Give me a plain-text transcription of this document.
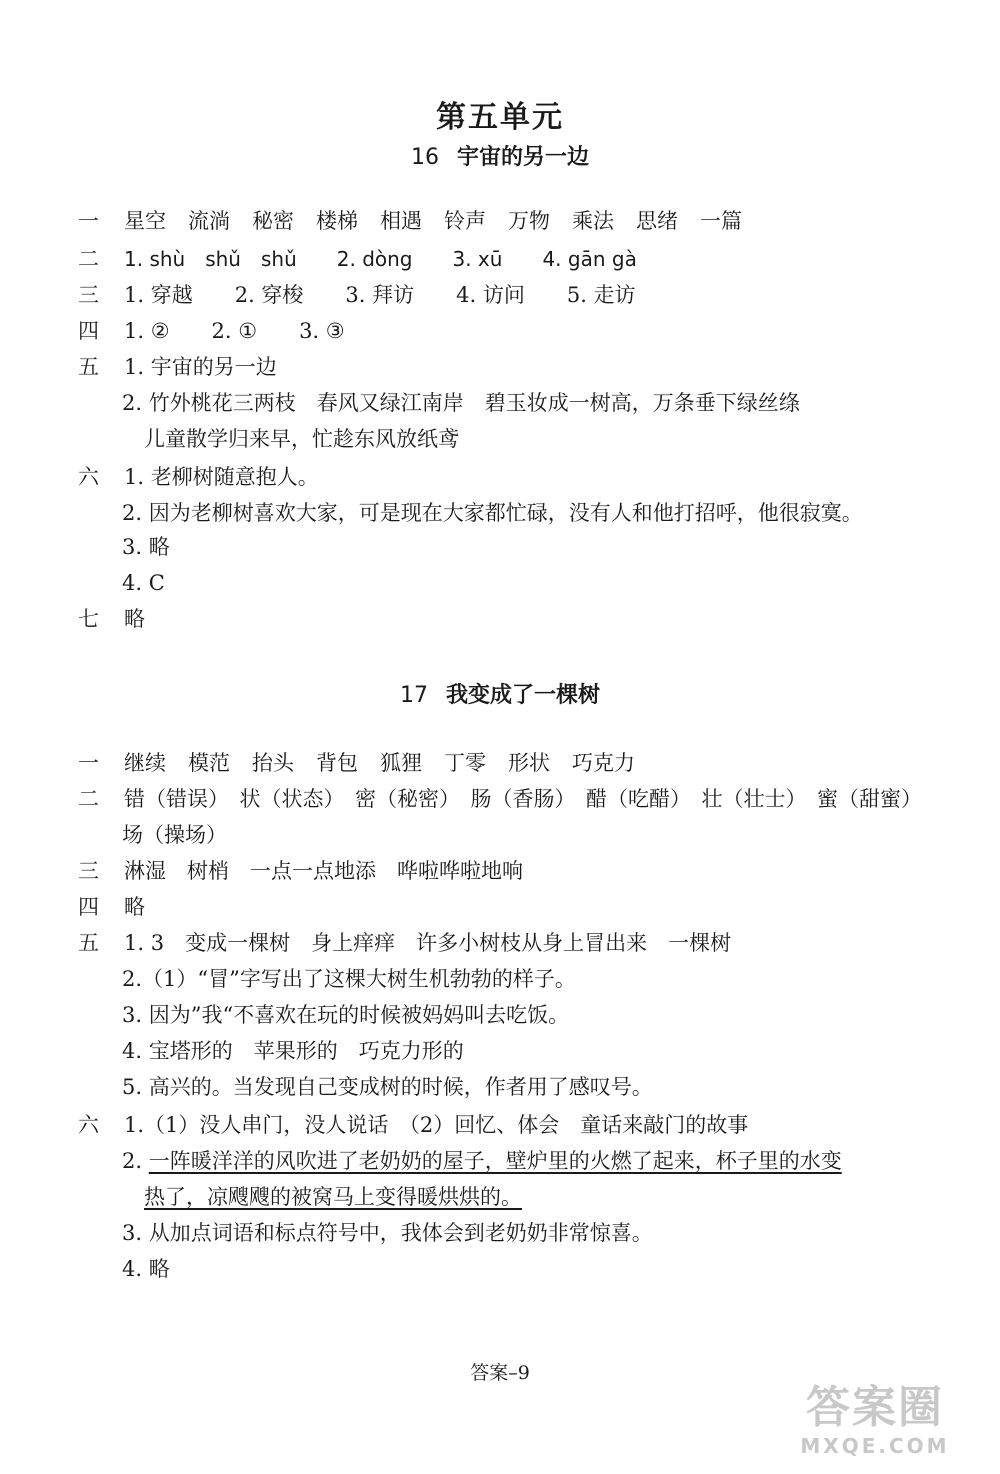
第五单元
16 宇宙的另一边
一 星空 流淌 秘密 楼梯 相遇 铃声 万物 乘法 思绪 一篇
二 1. shù　shǔ　shǔ　　2. dòng　　3. xū　　4. gān gà
三 1. 穿越　　2. 穿梭　　3. 拜访　　4. 访问　　5. 走访
四 1. ②　　2. ①　　3. ③
五 1. 宇宙的另一边
2. 竹外桃花三两枝　春风又绿江南岸　碧玉妆成一树高，万条垂下绿丝绦
儿童散学归来早，忙趁东风放纸鸢
六 1. 老柳树随意抱人。
2. 因为老柳树喜欢大家，可是现在大家都忙碌，没有人和他打招呼，他很寂寞。
3. 略
4. C
七 略
17 我变成了一棵树
一 继续 模范 抬头 背包 狐狸 丁零 形状 巧克力
二 错（错误）　状（状态）　密（秘密）　肠（香肠）　醋（吃醋）　壮（壮士）　蜜（甜蜜）
场（操场）
三 淋湿　树梢　一点一点地添　哗啦哗啦地响
四 略
五 1. 3　变成一棵树　身上痒痒　许多小树枝从身上冒出来　一棵树
2.（1）“冒”字写出了这棵大树生机勃勃的样子。
3. 因为”我“不喜欢在玩的时候被妈妈叫去吃饭。
4. 宝塔形的　苹果形的　巧克力形的
5. 高兴的。当发现自己变成树的时候，作者用了感叹号。
六 1.（1）没人串门，没人说话　（2）回忆、体会　童话来敲门的故事
2. 一阵暖洋洋的风吹进了老奶奶的屋子，壁炉里的火燃了起来，杯子里的水变
热了，凉飕飕的被窝马上变得暖烘烘的。
3. 从加点词语和标点符号中，我体会到老奶奶非常惊喜。
4. 略
答案–9
答案圈
MXQE.COM
